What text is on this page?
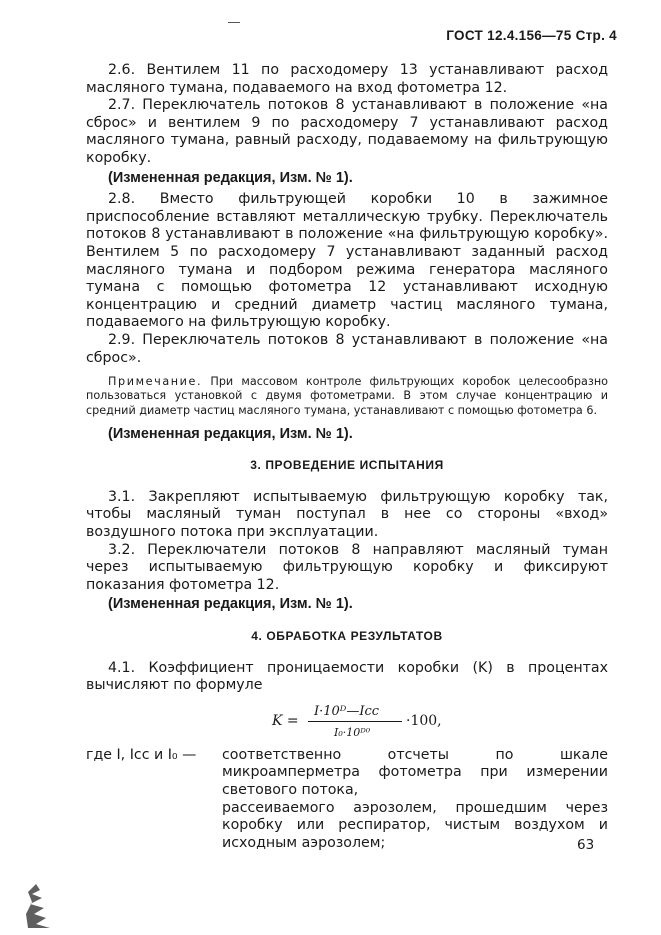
ГОСТ 12.4.156—75 Стр. 4

2.6. Вентилем 11 по расходомеру 13 устанавливают расход масляного тумана, подаваемого на вход фотометра 12.

2.7. Переключатель потоков 8 устанавливают в положение «на сброс» и вентилем 9 по расходомеру 7 устанавливают расход масляного тумана, равный расходу, подаваемому на фильтрующую коробку.

(Измененная редакция, Изм. № 1).

2.8. Вместо фильтрующей коробки 10 в зажимное приспособление вставляют металлическую трубку. Переключатель потоков 8 устанавливают в положение «на фильтрующую коробку». Вентилем 5 по расходомеру 7 устанавливают заданный расход масляного тумана и подбором режима генератора масляного тумана с помощью фотометра 12 устанавливают исходную концентрацию и средний диаметр частиц масляного тумана, подаваемого на фильтрующую коробку.

2.9. Переключатель потоков 8 устанавливают в положение «на сброс».

Примечание. При массовом контроле фильтрующих коробок целесообразно пользоваться установкой с двумя фотометрами. В этом случае концентрацию и средний диаметр частиц масляного тумана, устанавливают с помощью фотометра 6.

(Измененная редакция, Изм. № 1).

3. ПРОВЕДЕНИЕ ИСПЫТАНИЯ

3.1. Закрепляют испытываемую фильтрующую коробку так, чтобы масляный туман поступал в нее со стороны «вход» воздушного потока при эксплуатации.

3.2. Переключатели потоков 8 направляют масляный туман через испытываемую фильтрующую коробку и фиксируют показания фотометра 12.

(Измененная редакция, Изм. № 1).

4. ОБРАБОТКА РЕЗУЛЬТАТОВ

4.1. Коэффициент проницаемости коробки (K) в процентах вычисляют по формуле

K =
I·10ᴰ—Icc
I₀·10ᴰ⁰
·100,
где I, Icc и I₀ —	соответственно отсчеты по шкале микроамперметра фотометра при измерении светового потока,
рассеиваемого аэрозолем, прошедшим через коробку или респиратор, чистым воздухом и исходным аэрозолем;	63
